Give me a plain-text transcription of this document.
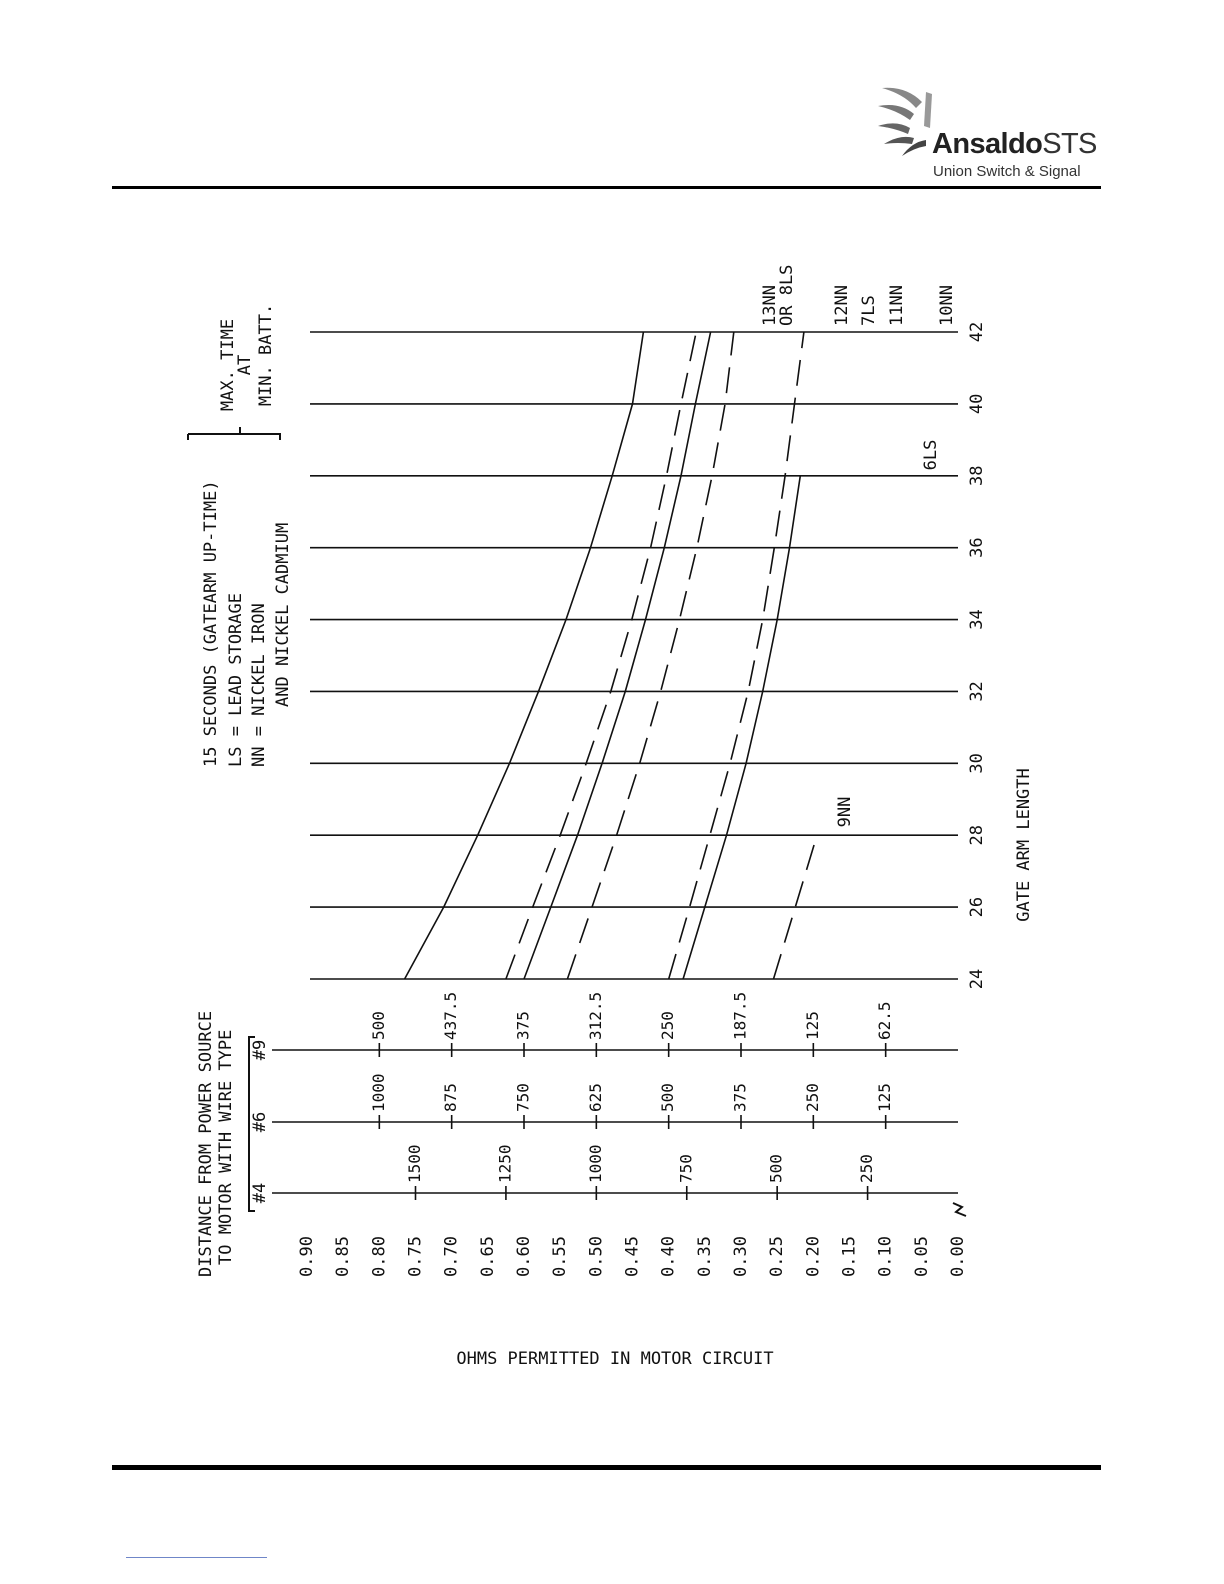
AnsaldoSTS
Union Switch & Signal
24
26
28
30
32
34
36
38
40
42
0.90 0.85 0.80 0.75 0.70 0.65 0.60 0.55 0.50 0.45 0.40 0.35 0.30 0.25 0.20 0.15 0.10 0.05 0.00
#4
1500	1250	1000	750	500	250
#6
1000	875	750	625	500	375	250	125
#9
500	437.5	375	312.5	250	187.5	125	62.5
13NN
OR 8LS 12NN 7LS 11NN 10NN
6LS
9NN	GATE ARM LENGTH
OHMS PERMITTED IN MOTOR CIRCUIT
15 SECONDS (GATEARM UP-TIME) LS = LEAD STORAGE NN = NICKEL IRON AND NICKEL CADMIUM
MAX. TIME
AT MIN. BATT.
DISTANCE FROM POWER SOURCE TO MOTOR WITH WIRE TYPE
